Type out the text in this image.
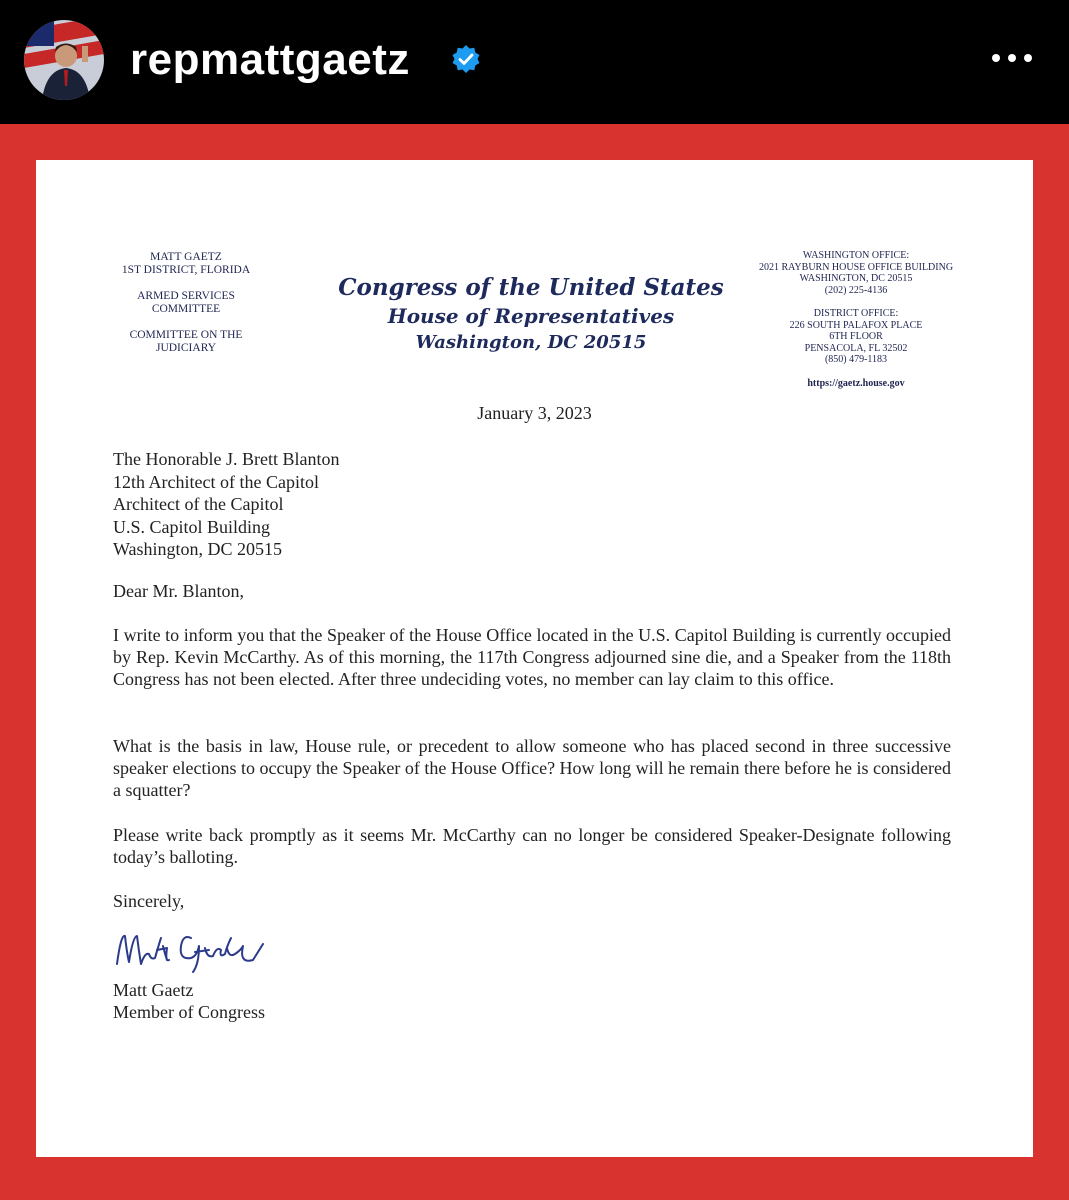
repmattgaetz
MATT GAETZ
1ST DISTRICT, FLORIDA
ARMED SERVICES
COMMITTEE
COMMITTEE ON THE
JUDICIARY
Congress of the United States
House of Representatives
Washington, DC 20515
WASHINGTON OFFICE:
2021 RAYBURN HOUSE OFFICE BUILDING
WASHINGTON, DC 20515
(202) 225-4136
DISTRICT OFFICE:
226 SOUTH PALAFOX PLACE
6TH FLOOR
PENSACOLA, FL 32502
(850) 479-1183
https://gaetz.house.gov
January 3, 2023
The Honorable J. Brett Blanton
12th Architect of the Capitol
Architect of the Capitol
U.S. Capitol Building
Washington, DC 20515
Dear Mr. Blanton,
I write to inform you that the Speaker of the House Office located in the U.S. Capitol Building is currently occupied by Rep. Kevin McCarthy. As of this morning, the 117th Congress adjourned sine die, and a Speaker from the 118th Congress has not been elected. After three undeciding votes, no member can lay claim to this office.
What is the basis in law, House rule, or precedent to allow someone who has placed second in three successive speaker elections to occupy the Speaker of the House Office? How long will he remain there before he is considered a squatter?
Please write back promptly as it seems Mr. McCarthy can no longer be considered Speaker-Designate following today’s balloting.
Sincerely,
Matt Gaetz
Member of Congress
